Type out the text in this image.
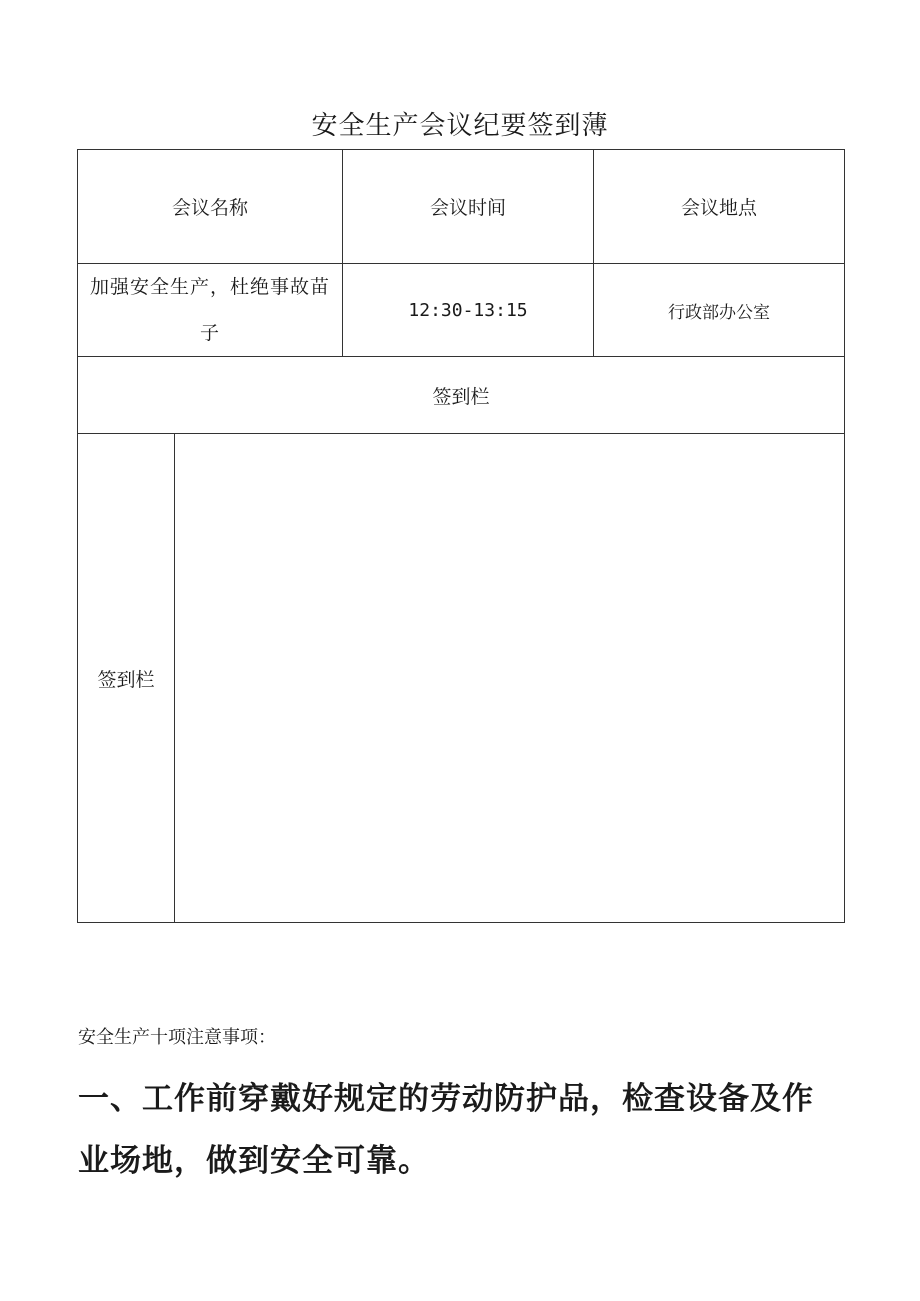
安全生产会议纪要签到薄
会议名称		会议时间	会议地点
加强安全生产，杜绝事故苗子		12:30-13:15	行政部办公室
签到栏			
签到栏			
安全生产十项注意事项：
一、工作前穿戴好规定的劳动防护品，检查设备及作业场地，做到安全可靠。
